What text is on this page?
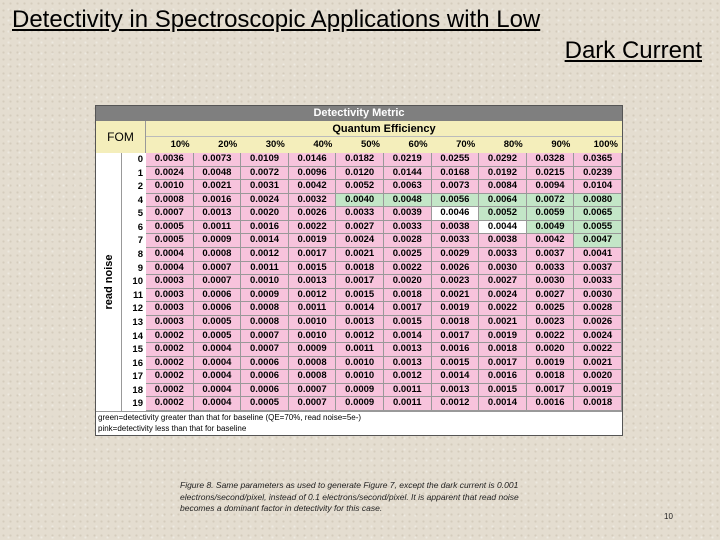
Detectivity in Spectroscopic Applications with Low
Dark Current
Detectivity Metric
FOM
Quantum Efficiency
10%	20%	30%	40%	50%	60%	70%	80%	90%	100%
read noise
0	0.0036	0.0073	0.0109	0.0146	0.0182	0.0219	0.0255	0.0292	0.0328	0.0365
1	0.0024	0.0048	0.0072	0.0096	0.0120	0.0144	0.0168	0.0192	0.0215	0.0239
2	0.0010	0.0021	0.0031	0.0042	0.0052	0.0063	0.0073	0.0084	0.0094	0.0104
4	0.0008	0.0016	0.0024	0.0032	0.0040	0.0048	0.0056	0.0064	0.0072	0.0080
5	0.0007	0.0013	0.0020	0.0026	0.0033	0.0039	0.0046	0.0052	0.0059	0.0065
6	0.0005	0.0011	0.0016	0.0022	0.0027	0.0033	0.0038	0.0044	0.0049	0.0055
7	0.0005	0.0009	0.0014	0.0019	0.0024	0.0028	0.0033	0.0038	0.0042	0.0047
8	0.0004	0.0008	0.0012	0.0017	0.0021	0.0025	0.0029	0.0033	0.0037	0.0041
9	0.0004	0.0007	0.0011	0.0015	0.0018	0.0022	0.0026	0.0030	0.0033	0.0037
10	0.0003	0.0007	0.0010	0.0013	0.0017	0.0020	0.0023	0.0027	0.0030	0.0033
11	0.0003	0.0006	0.0009	0.0012	0.0015	0.0018	0.0021	0.0024	0.0027	0.0030
12	0.0003	0.0006	0.0008	0.0011	0.0014	0.0017	0.0019	0.0022	0.0025	0.0028
13	0.0003	0.0005	0.0008	0.0010	0.0013	0.0015	0.0018	0.0021	0.0023	0.0026
14	0.0002	0.0005	0.0007	0.0010	0.0012	0.0014	0.0017	0.0019	0.0022	0.0024
15	0.0002	0.0004	0.0007	0.0009	0.0011	0.0013	0.0016	0.0018	0.0020	0.0022
16	0.0002	0.0004	0.0006	0.0008	0.0010	0.0013	0.0015	0.0017	0.0019	0.0021
17	0.0002	0.0004	0.0006	0.0008	0.0010	0.0012	0.0014	0.0016	0.0018	0.0020
18	0.0002	0.0004	0.0006	0.0007	0.0009	0.0011	0.0013	0.0015	0.0017	0.0019
19	0.0002	0.0004	0.0005	0.0007	0.0009	0.0011	0.0012	0.0014	0.0016	0.0018
green=detectivity greater than that for baseline (QE=70%, read noise=5e-)
pink=detectivity less than that for baseline
Figure 8. Same parameters as used to generate Figure 7, except the dark current is 0.001 electrons/second/pixel, instead of 0.1 electrons/second/pixel. It is apparent that read noise becomes a dominant factor in detectivity for this case.
10
